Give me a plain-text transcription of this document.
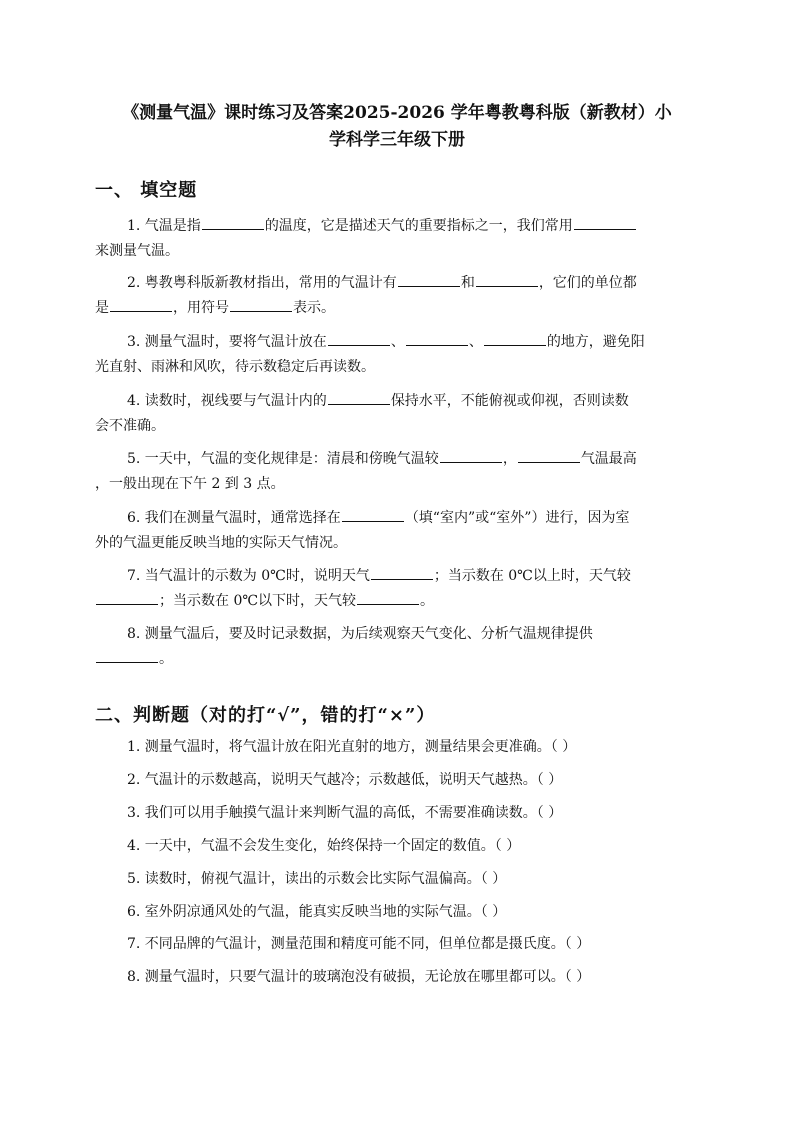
《测量气温》课时练习及答案2025-2026 学年粤教粤科版（新教材）小
学科学三年级下册
一、 填空题
1. 气温是指	的温度，它是描述天气的重要指标之一，我们常用
来测量气温。
2. 粤教粤科版新教材指出，常用的气温计有	和	，它们的单位都
是	，用符号	表示。
3. 测量气温时，要将气温计放在	、	、	的地方，避免阳
光直射、雨淋和风吹，待示数稳定后再读数。
4. 读数时，视线要与气温计内的	保持水平，不能俯视或仰视，否则读数
会不准确。
5. 一天中，气温的变化规律是：清晨和傍晚气温较	，	气温最高
，一般出现在下午 2 到 3 点。
6. 我们在测量气温时，通常选择在	（填“室内”或“室外”）进行，因为室
外的气温更能反映当地的实际天气情况。
7. 当气温计的示数为 0℃时，说明天气	；当示数在 0℃以上时，天气较
；当示数在 0℃以下时，天气较	。
8. 测量气温后，要及时记录数据，为后续观察天气变化、分析气温规律提供
。
二、判断题（对的打“√”，错的打“×”）
1. 测量气温时，将气温计放在阳光直射的地方，测量结果会更准确。（ ）
2. 气温计的示数越高，说明天气越冷；示数越低，说明天气越热。（ ）
3. 我们可以用手触摸气温计来判断气温的高低，不需要准确读数。（ ）
4. 一天中，气温不会发生变化，始终保持一个固定的数值。（ ）
5. 读数时，俯视气温计，读出的示数会比实际气温偏高。（ ）
6. 室外阴凉通风处的气温，能真实反映当地的实际气温。（ ）
7. 不同品牌的气温计，测量范围和精度可能不同，但单位都是摄氏度。（ ）
8. 测量气温时，只要气温计的玻璃泡没有破损，无论放在哪里都可以。（ ）
